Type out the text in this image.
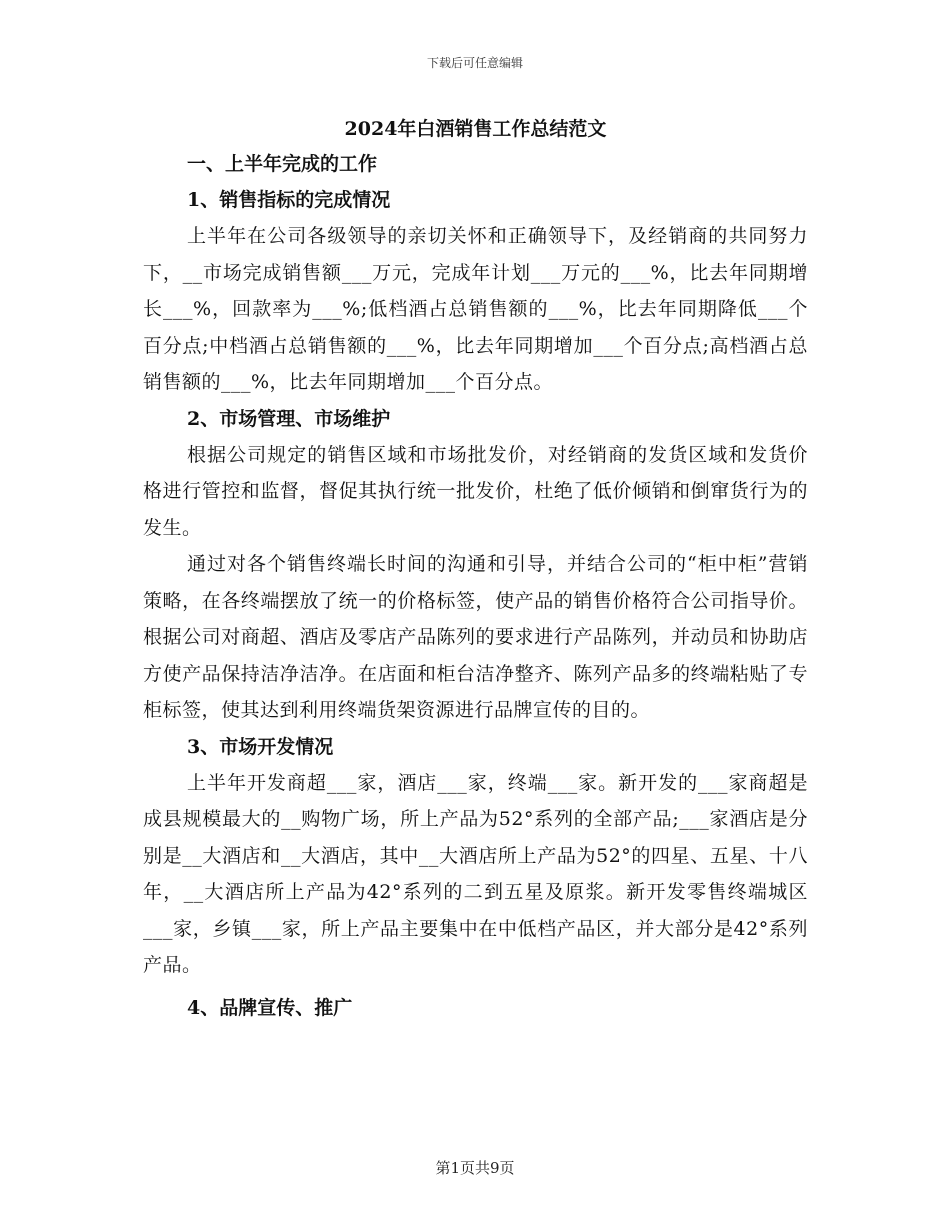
下载后可任意编辑
2024年白酒销售工作总结范文
一、上半年完成的工作
1、销售指标的完成情况

上半年在公司各级领导的亲切关怀和正确领导下，及经销商的共同努力下，__市场完成销售额___万元，完成年计划___万元的___%，比去年同期增长___%，回款率为___%;低档酒占总销售额的___%，比去年同期降低___个百分点;中档酒占总销售额的___%，比去年同期增加___个百分点;高档酒占总销售额的___%，比去年同期增加___个百分点。

2、市场管理、市场维护

根据公司规定的销售区域和市场批发价，对经销商的发货区域和发货价格进行管控和监督，督促其执行统一批发价，杜绝了低价倾销和倒窜货行为的发生。

通过对各个销售终端长时间的沟通和引导，并结合公司的“柜中柜”营销策略，在各终端摆放了统一的价格标签，使产品的销售价格符合公司指导价。根据公司对商超、酒店及零店产品陈列的要求进行产品陈列，并动员和协助店方使产品保持洁净洁净。在店面和柜台洁净整齐、陈列产品多的终端粘贴了专柜标签，使其达到利用终端货架资源进行品牌宣传的目的。

3、市场开发情况

上半年开发商超___家，酒店___家，终端___家。新开发的___家商超是成县规模最大的__购物广场，所上产品为52°系列的全部产品;___家酒店是分别是__大酒店和__大酒店，其中__大酒店所上产品为52°的四星、五星、十八年，__大酒店所上产品为42°系列的二到五星及原浆。新开发零售终端城区___家，乡镇___家，所上产品主要集中在中低档产品区，并大部分是42°系列产品。

4、品牌宣传、推广
第1页共9页
